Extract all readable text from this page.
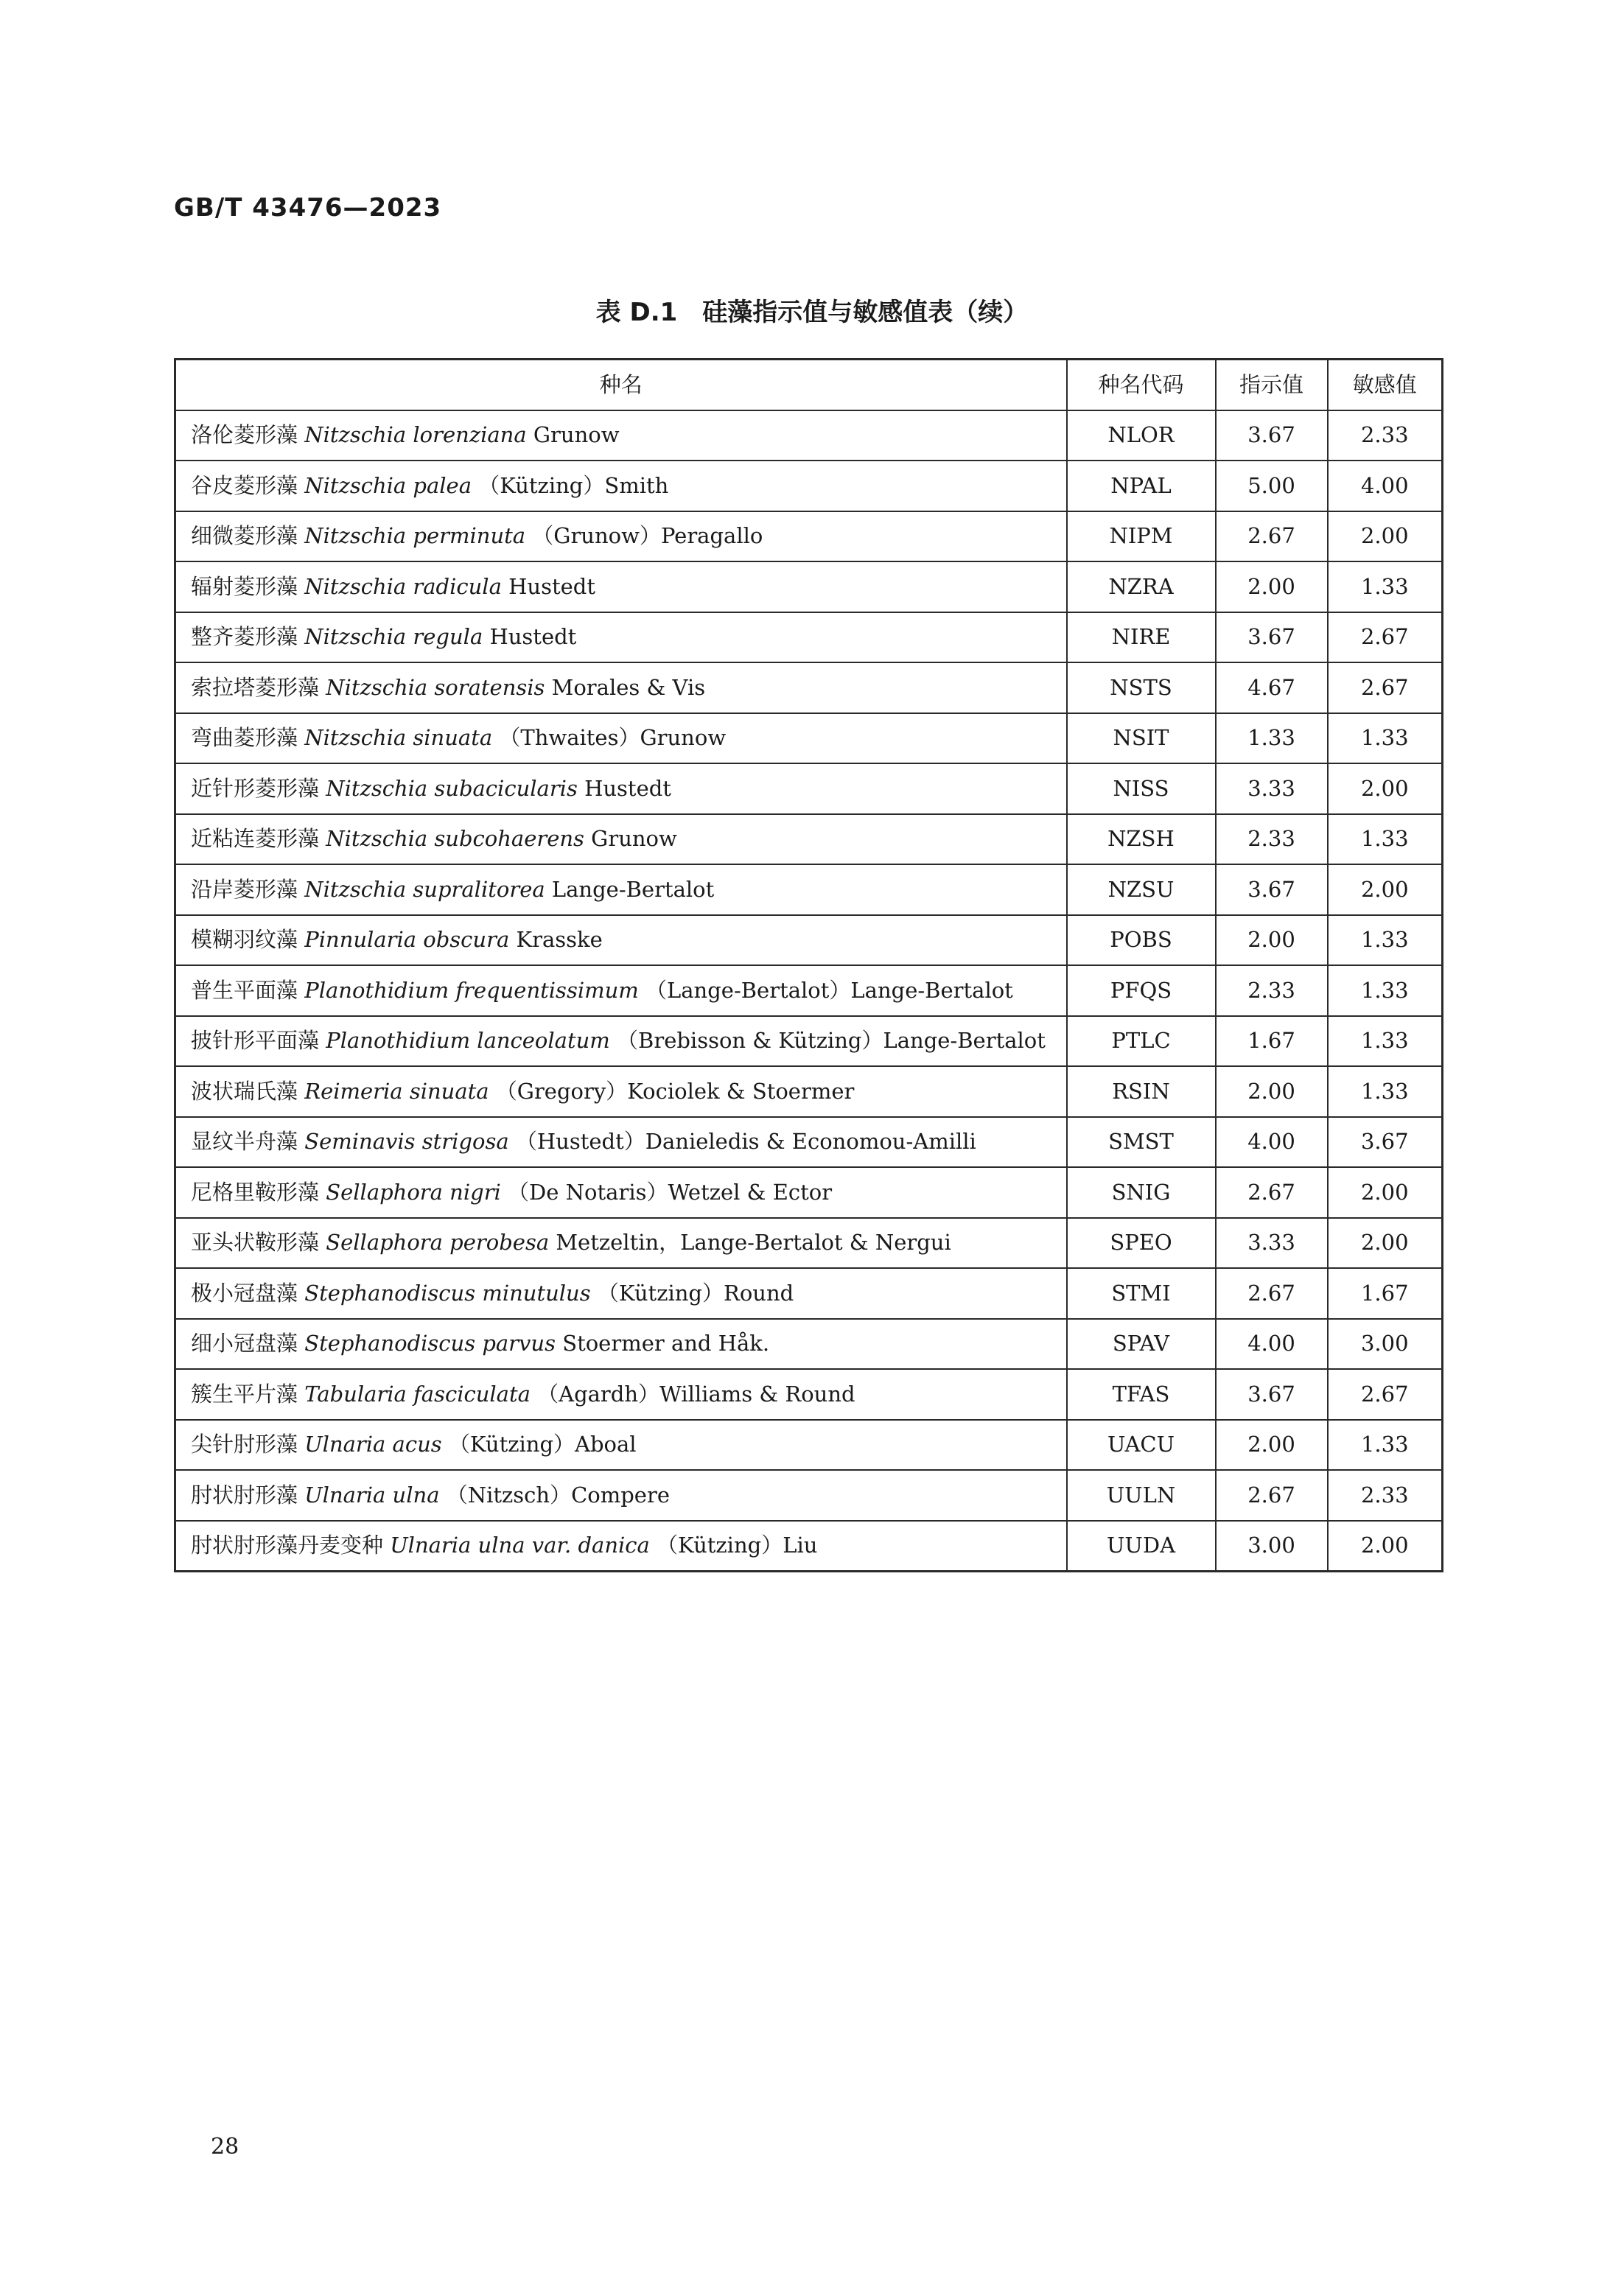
GB/T 43476—2023
表 D.1　硅藻指示值与敏感值表（续）
种名	种名代码	指示值	敏感值
洛伦菱形藻 Nitzschia lorenziana Grunow	NLOR	3.67	2.33
谷皮菱形藻 Nitzschia palea （Kützing）Smith	NPAL	5.00	4.00
细微菱形藻 Nitzschia perminuta （Grunow）Peragallo	NIPM	2.67	2.00
辐射菱形藻 Nitzschia radicula Hustedt	NZRA	2.00	1.33
整齐菱形藻 Nitzschia regula Hustedt	NIRE	3.67	2.67
索拉塔菱形藻 Nitzschia soratensis Morales & Vis	NSTS	4.67	2.67
弯曲菱形藻 Nitzschia sinuata （Thwaites）Grunow	NSIT	1.33	1.33
近针形菱形藻 Nitzschia subacicularis Hustedt	NISS	3.33	2.00
近粘连菱形藻 Nitzschia subcohaerens Grunow	NZSH	2.33	1.33
沿岸菱形藻 Nitzschia supralitorea Lange-Bertalot	NZSU	3.67	2.00
模糊羽纹藻 Pinnularia obscura Krasske	POBS	2.00	1.33
普生平面藻 Planothidium frequentissimum （Lange-Bertalot）Lange-Bertalot	PFQS	2.33	1.33
披针形平面藻 Planothidium lanceolatum （Brebisson & Kützing）Lange-Bertalot	PTLC	1.67	1.33
波状瑞氏藻 Reimeria sinuata （Gregory）Kociolek & Stoermer	RSIN	2.00	1.33
显纹半舟藻 Seminavis strigosa （Hustedt）Danieledis & Economou-Amilli	SMST	4.00	3.67
尼格里鞍形藻 Sellaphora nigri （De Notaris）Wetzel & Ector	SNIG	2.67	2.00
亚头状鞍形藻 Sellaphora perobesa Metzeltin，Lange-Bertalot & Nergui	SPEO	3.33	2.00
极小冠盘藻 Stephanodiscus minutulus （Kützing）Round	STMI	2.67	1.67
细小冠盘藻 Stephanodiscus parvus Stoermer and Håk.	SPAV	4.00	3.00
簇生平片藻 Tabularia fasciculata （Agardh）Williams & Round	TFAS	3.67	2.67
尖针肘形藻 Ulnaria acus （Kützing）Aboal	UACU	2.00	1.33
肘状肘形藻 Ulnaria ulna （Nitzsch）Compere	UULN	2.67	2.33
肘状肘形藻丹麦变种 Ulnaria ulna var. danica （Kützing）Liu	UUDA	3.00	2.00
28
